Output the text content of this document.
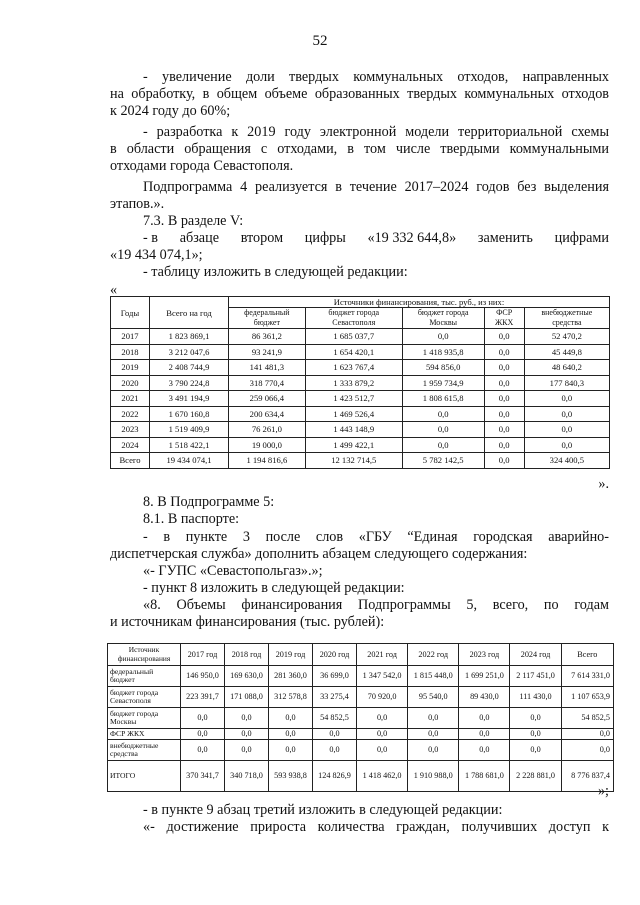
52

- увеличение доли твердых коммунальных отходов, направленных

на обработку, в общем объеме образованных твердых коммунальных отходов

к 2024 году до 60%;

- разработка к 2019 году электронной модели территориальной схемы

в области обращения с отходами, в том числе твердыми коммунальными

отходами города Севастополя.

Подпрограмма 4 реализуется в течение 2017–2024 годов без выделения

этапов.».

7.3. В разделе V:

- в абзаце втором цифры «19 332 644,8» заменить цифрами

«19 434 074,1»;

- таблицу изложить в следующей редакции:

«

Годы	Всего на год	Источники финансирования, тыс. руб., из них:				
		федеральный бюджет	бюджет города Севастополя	бюджет города Москвы	ФСР ЖКХ	внебюджетные средства
2017	1 823 869,1	86 361,2	1 685 037,7	0,0	0,0	52 470,2
2018	3 212 047,6	93 241,9	1 654 420,1	1 418 935,8	0,0	45 449,8
2019	2 408 744,9	141 481,3	1 623 767,4	594 856,0	0,0	48 640,2
2020	3 790 224,8	318 770,4	1 333 879,2	1 959 734,9	0,0	177 840,3
2021	3 491 194,9	259 066,4	1 423 512,7	1 808 615,8	0,0	0,0
2022	1 670 160,8	200 634,4	1 469 526,4	0,0	0,0	0,0
2023	1 519 409,9	76 261,0	1 443 148,9	0,0	0,0	0,0
2024	1 518 422,1	19 000,0	1 499 422,1	0,0	0,0	0,0
Всего	19 434 074,1	1 194 816,6	12 132 714,5	5 782 142,5	0,0	324 400,5

».

8. В Подпрограмме 5:

8.1. В паспорте:

- в пункте 3 после слов «ГБУ “Единая городская аварийно-

диспетчерская служба» дополнить абзацем следующего содержания:

«- ГУПС «Севастопольгаз».»;

- пункт 8 изложить в следующей редакции:

«8. Объемы финансирования Подпрограммы 5, всего, по годам

и источникам финансирования (тыс. рублей):

Источник финансирования	2017 год	2018 год	2019 год	2020 год	2021 год	2022 год	2023 год	2024 год	Всего
федеральный бюджет	146 950,0	169 630,0	281 360,0	36 699,0	1 347 542,0	1 815 448,0	1 699 251,0	2 117 451,0	7 614 331,0
бюджет города Севастополя	223 391,7	171 088,0	312 578,8	33 275,4	70 920,0	95 540,0	89 430,0	111 430,0	1 107 653,9
бюджет города Москвы	0,0	0,0	0,0	54 852,5	0,0	0,0	0,0	0,0	54 852,5
ФСР ЖКХ	0,0	0,0	0,0	0,0	0,0	0,0	0,0	0,0	0,0
внебюджетные средства	0,0	0,0	0,0	0,0	0,0	0,0	0,0	0,0	0,0
ИТОГО	370 341,7	340 718,0	593 938,8	124 826,9	1 418 462,0	1 910 988,0	1 788 681,0	2 228 881,0	8 776 837,4

»;

- в пункте 9 абзац третий изложить в следующей редакции:

«- достижение прироста количества граждан, получивших доступ к
